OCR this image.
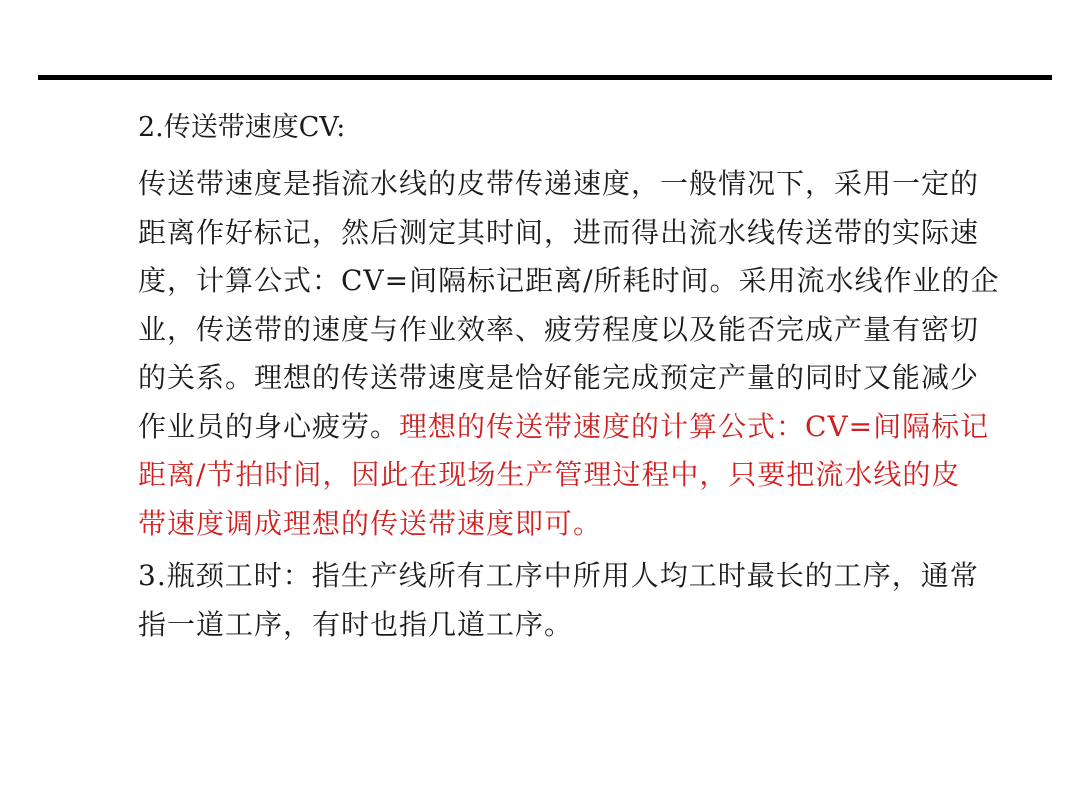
2.传送带速度CV:
传送带速度是指流水线的皮带传递速度，一般情况下，采用一定的
距离作好标记，然后测定其时间，进而得出流水线传送带的实际速
度，计算公式：CV=间隔标记距离/所耗时间。采用流水线作业的企
业，传送带的速度与作业效率、疲劳程度以及能否完成产量有密切
的关系。理想的传送带速度是恰好能完成预定产量的同时又能减少
作业员的身心疲劳。理想的传送带速度的计算公式：CV=间隔标记
距离/节拍时间，因此在现场生产管理过程中，只要把流水线的皮
带速度调成理想的传送带速度即可。
3.瓶颈工时：指生产线所有工序中所用人均工时最长的工序，通常
指一道工序，有时也指几道工序。
